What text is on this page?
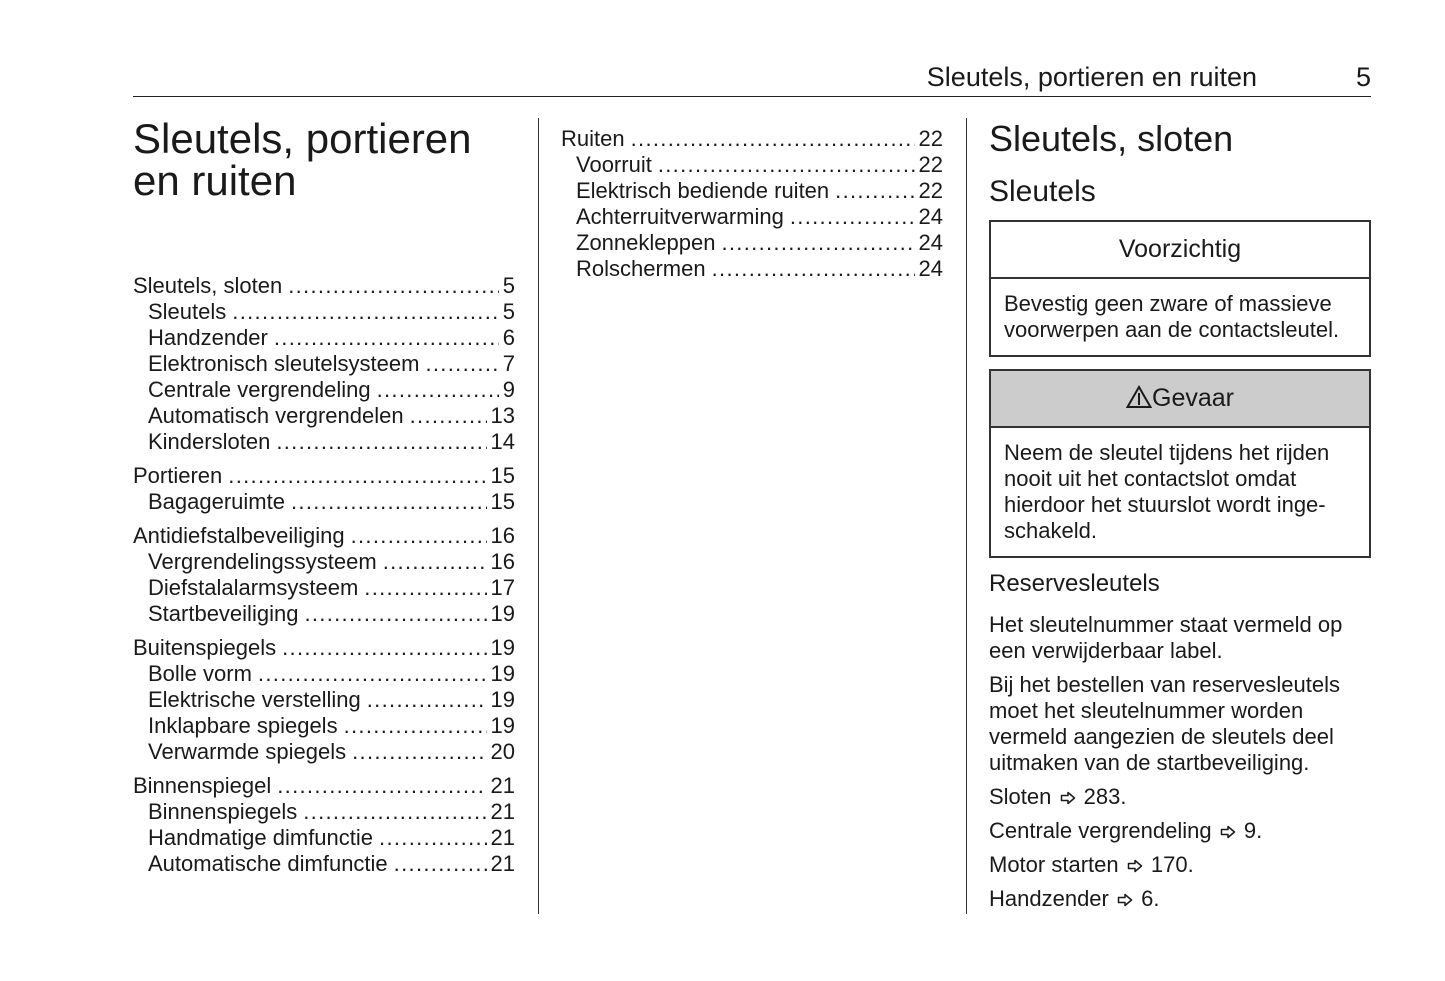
Sleutels, portieren en ruiten	5
Sleutels, portieren
en ruiten
Sleutels, sloten . . .	5
Sleutels . . .	5
Handzender . . .	6
Elektronisch sleutelsysteem . . .	7
Centrale vergrendeling . . .	9
Automatisch vergrendelen . . .	13
Kindersloten . . .	14
Portieren . . .	15
Bagageruimte . . .	15
Antidiefstalbeveiliging . . .	16
Vergrendelingssysteem . . .	16
Diefstalalarmsysteem . . .	17
Startbeveiliging . . .	19
Buitenspiegels . . .	19
Bolle vorm . . .	19
Elektrische verstelling . . .	19
Inklapbare spiegels . . .	19
Verwarmde spiegels . . .	20
Binnenspiegel . . .	21
Binnenspiegels . . .	21
Handmatige dimfunctie . . .	21
Automatische dimfunctie . . .	21
Ruiten . . .	22
Voorruit . . .	22
Elektrisch bediende ruiten . . .	22
Achterruitverwarming . . .	24
Zonnekleppen . . .	24
Rolschermen . . .	24
Sleutels, sloten
Sleutels
Voorzichtig
Bevestig geen zware of massieve voorwerpen aan de contactsleutel.
Gevaar
Neem de sleutel tijdens het rijden nooit uit het contactslot omdat hierdoor het stuurslot wordt inge-schakeld.
Reservesleutels

Het sleutelnummer staat vermeld op een verwijderbaar label.

Bij het bestellen van reservesleutels moet het sleutelnummer worden vermeld aangezien de sleutels deel uitmaken van de startbeveiliging.

Sloten 283.

Centrale vergrendeling 9.

Motor starten 170.

Handzender 6.
